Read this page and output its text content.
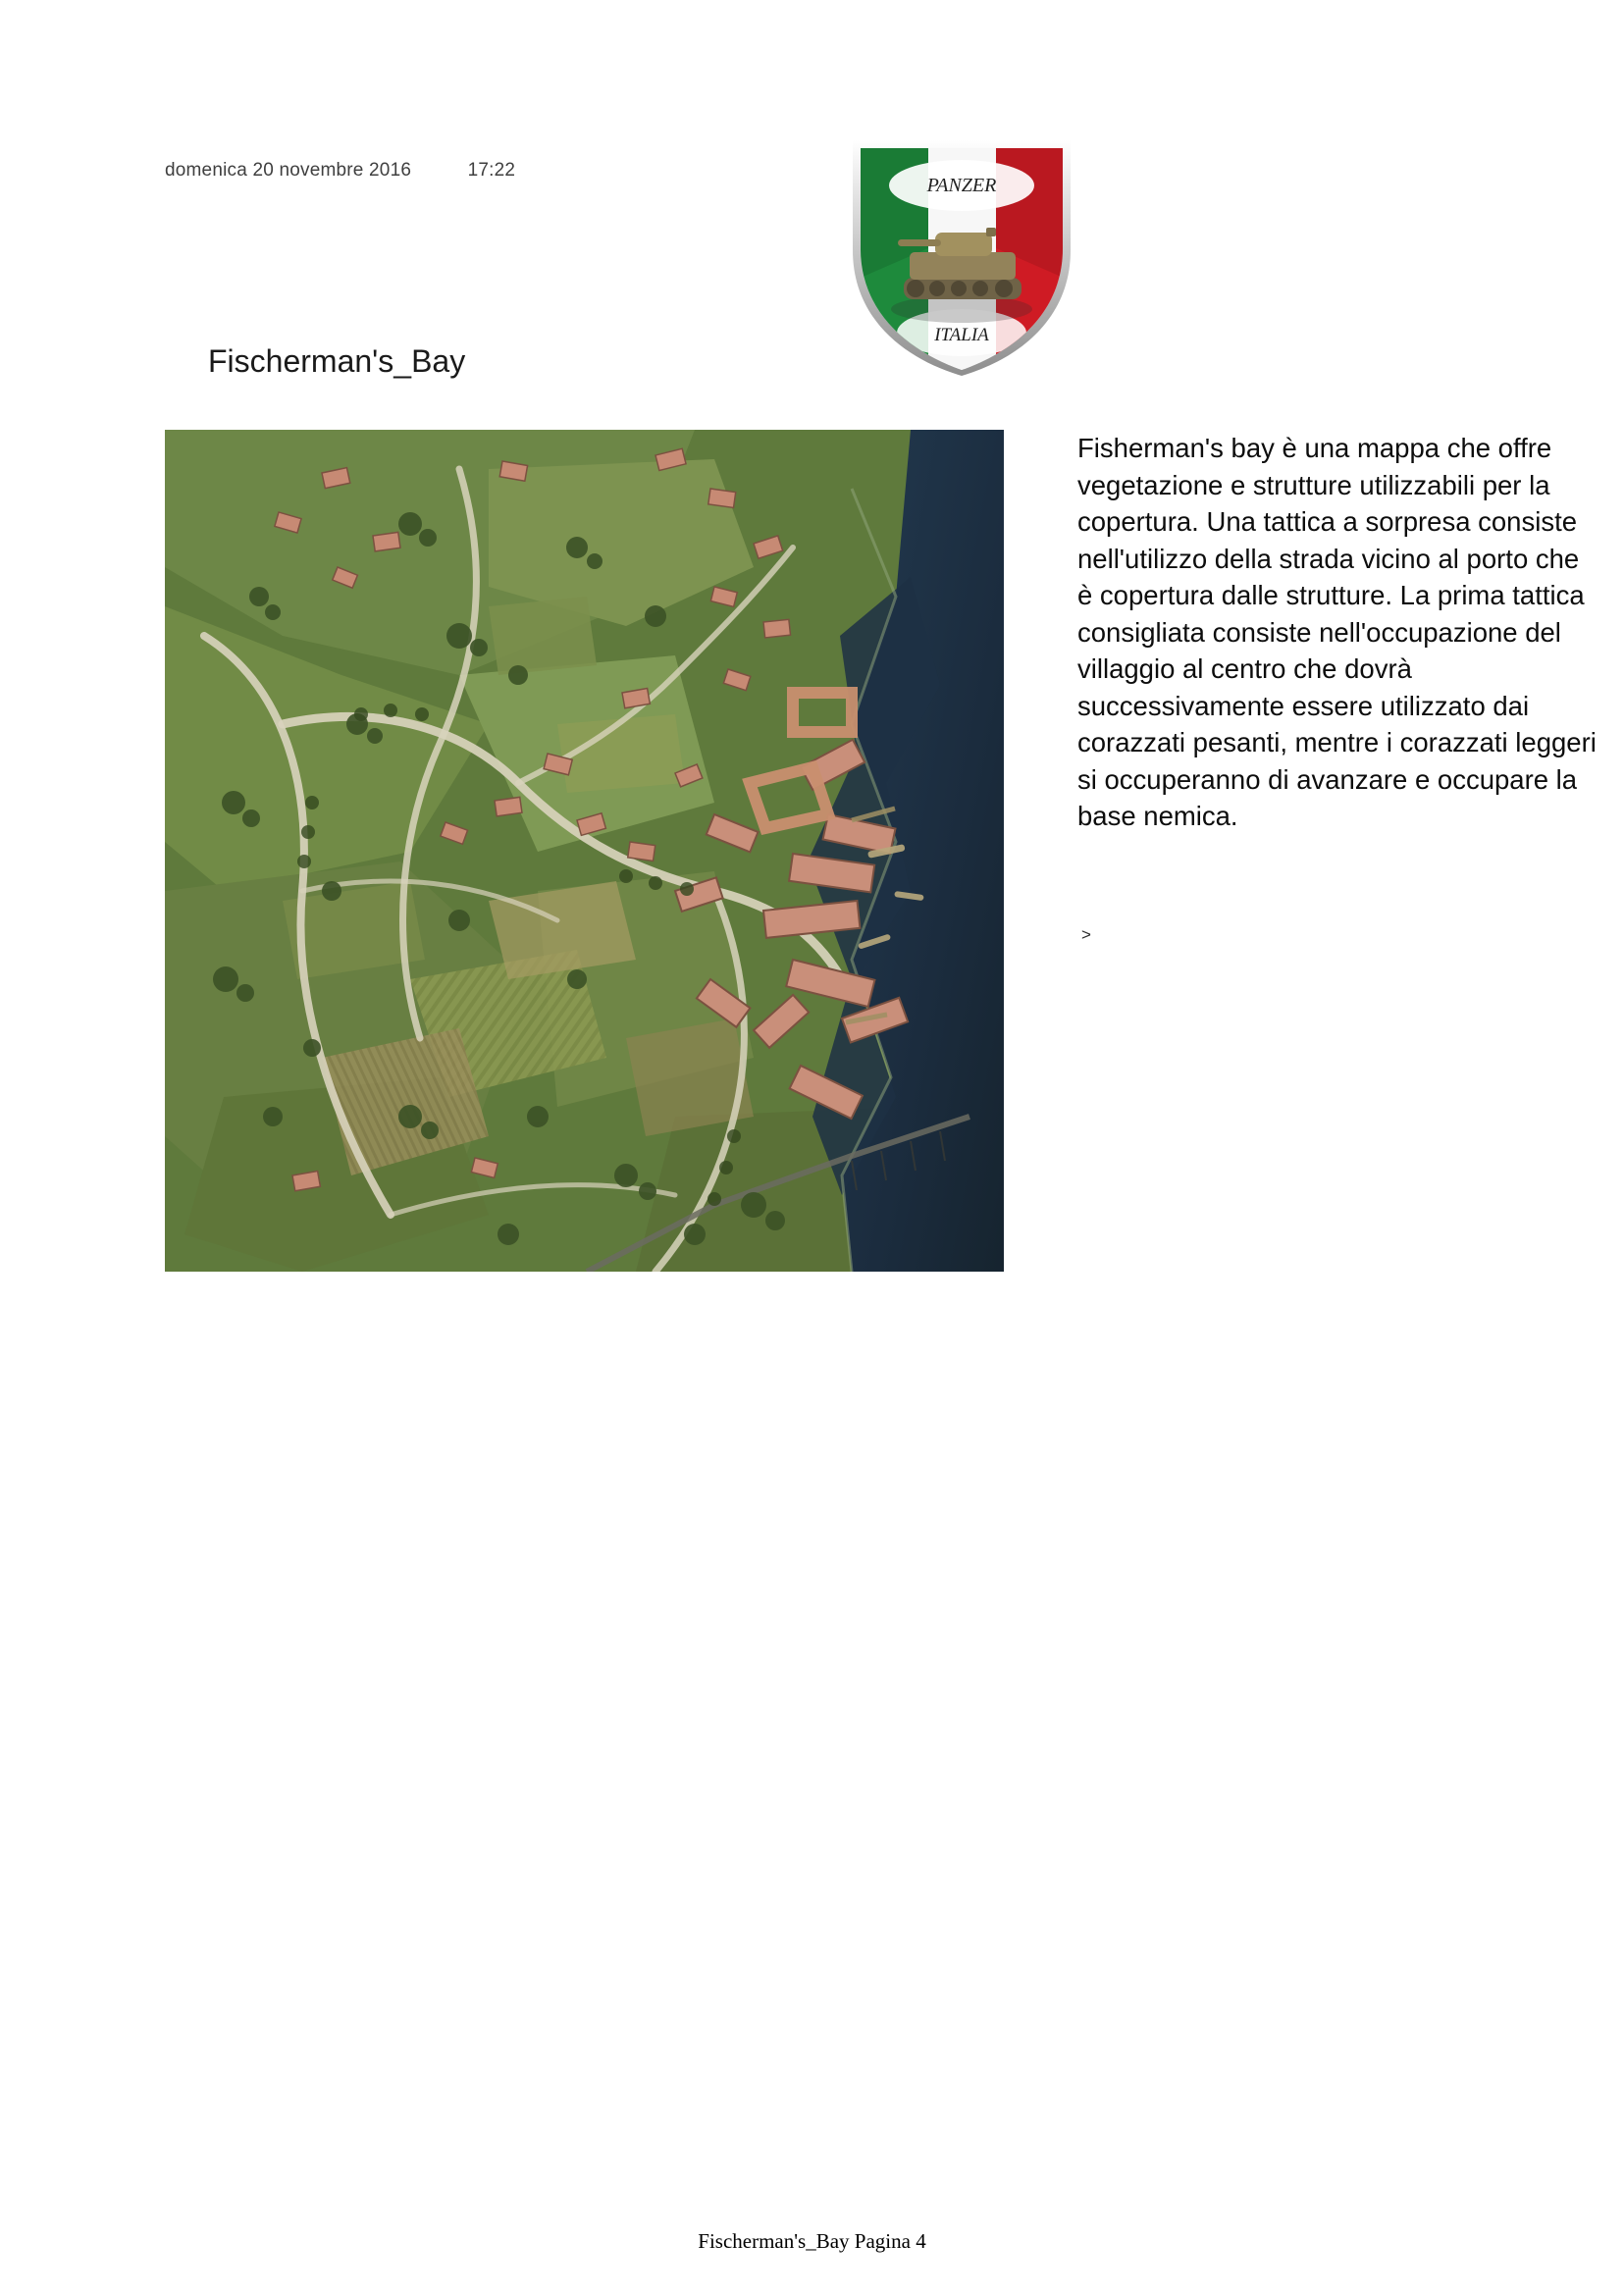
domenica 20 novembre 2016	17:22
PANZER
ITALIA
Fischerman's_Bay

Fisherman's bay è una mappa che offre vegetazione e strutture utilizzabili per la copertura. Una tattica a sorpresa consiste nell'utilizzo della strada vicino al porto che è copertura dalle strutture. La prima tattica consigliata consiste nell'occupazione del villaggio al centro che dovrà successivamente essere utilizzato dai corazzati pesanti, mentre i corazzati leggeri si occuperanno di avanzare e occupare la base nemica.

>
Fischerman's_Bay Pagina 4
